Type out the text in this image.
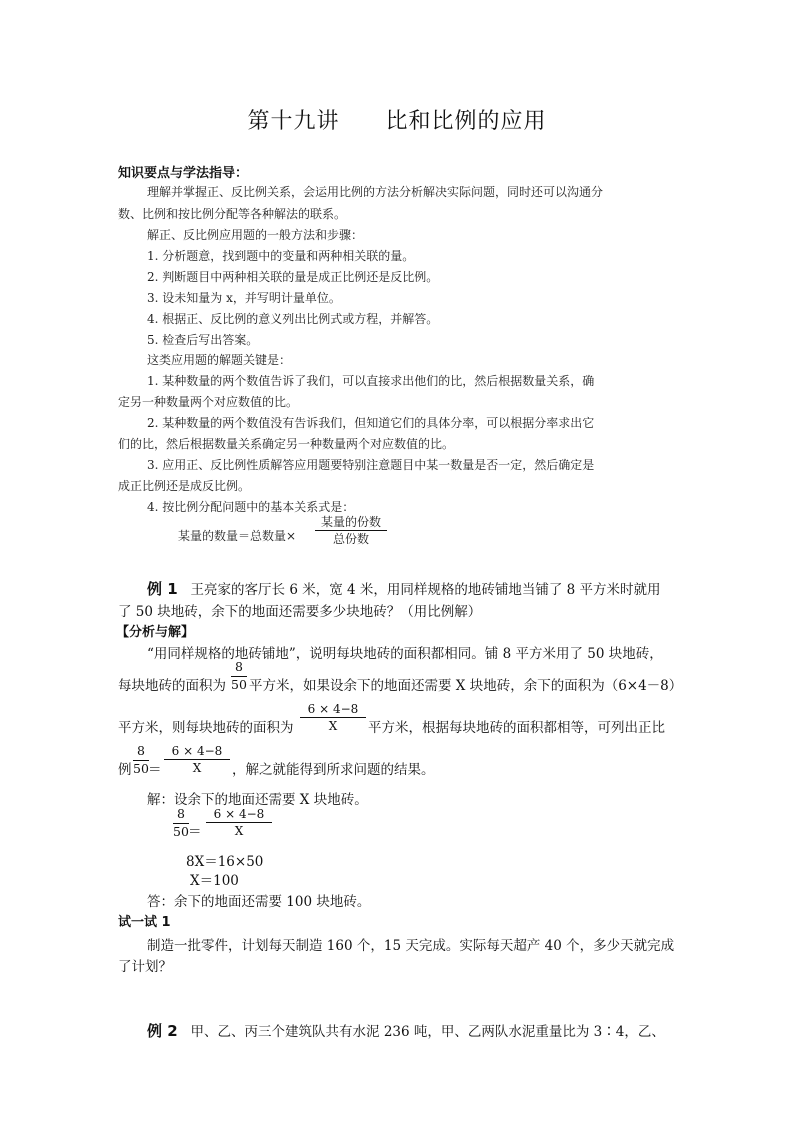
第十九讲 比和比例的应用
知识要点与学法指导：
理解并掌握正、反比例关系，会运用比例的方法分析解决实际问题，同时还可以沟通分
数、比例和按比例分配等各种解法的联系。
解正、反比例应用题的一般方法和步骤：
1. 分析题意，找到题中的变量和两种相关联的量。
2. 判断题目中两种相关联的量是成正比例还是反比例。
3. 设未知量为 x，并写明计量单位。
4. 根据正、反比例的意义列出比例式或方程，并解答。
5. 检查后写出答案。
这类应用题的解题关键是：
1. 某种数量的两个数值告诉了我们，可以直接求出他们的比，然后根据数量关系，确
定另一种数量两个对应数值的比。
2. 某种数量的两个数值没有告诉我们，但知道它们的具体分率，可以根据分率求出它
们的比，然后根据数量关系确定另一种数量两个对应数值的比。
3. 应用正、反比例性质解答应用题要特别注意题目中某一数量是否一定，然后确定是
成正比例还是成反比例。
4. 按比例分配问题中的基本关系式是：
某量的数量＝总数量×
某量的份数
总份数
例 1 王亮家的客厅长 6 米，宽 4 米，用同样规格的地砖铺地当铺了 8 平方米时就用
了 50 块地砖，余下的地面还需要多少块地砖？（用比例解）
【分析与解】
“用同样规格的地砖铺地”，说明每块地砖的面积都相同。铺 8 平方米用了 50 块地砖，
每块地砖的面积为
8
50 平方米，如果设余下的地面还需要 X 块地砖，余下的面积为（6×4－8）
平方米，则每块地砖的面积为
6 × 4−8
X	平方米，根据每块地砖的面积都相等，可列出正比
例
8
50 ＝
6 × 4−8
X	，解之就能得到所求问题的结果。
解：设余下的地面还需要 X 块地砖。
8
50 ＝
6 × 4−8
X
8X＝16×50
X＝100
答：余下的地面还需要 100 块地砖。
试一试 1
制造一批零件，计划每天制造 160 个，15 天完成。实际每天超产 40 个，多少天就完成
了计划？
例 2 甲、乙、丙三个建筑队共有水泥 236 吨，甲、乙两队水泥重量比为 3∶4，乙、
